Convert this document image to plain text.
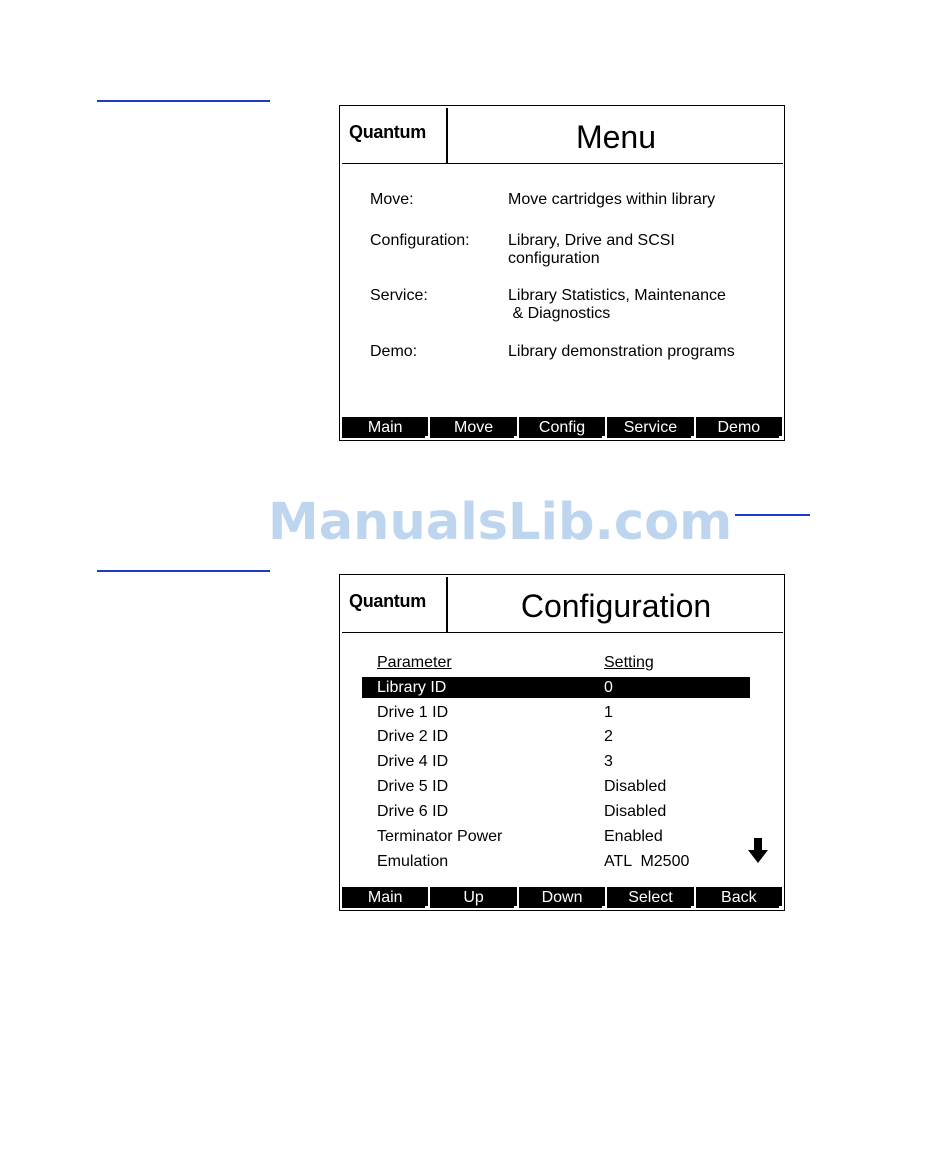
ManualsLib.com
Quantum	Menu
Move:	Move cartridges within library
Configuration: Library, Drive and SCSI
configuration
Service:	Library Statistics, Maintenance
& Diagnostics
Demo:	Library demonstration programs
Main	Move	Config	Service	Demo
Quantum	Configuration
Parameter	Setting
Library ID	0
Drive 1 ID	1
Drive 2 ID	2
Drive 4 ID	3
Drive 5 ID	Disabled
Drive 6 ID	Disabled
Terminator Power	Enabled
Emulation	ATL  M2500
Main	Up	Down	Select	Back
